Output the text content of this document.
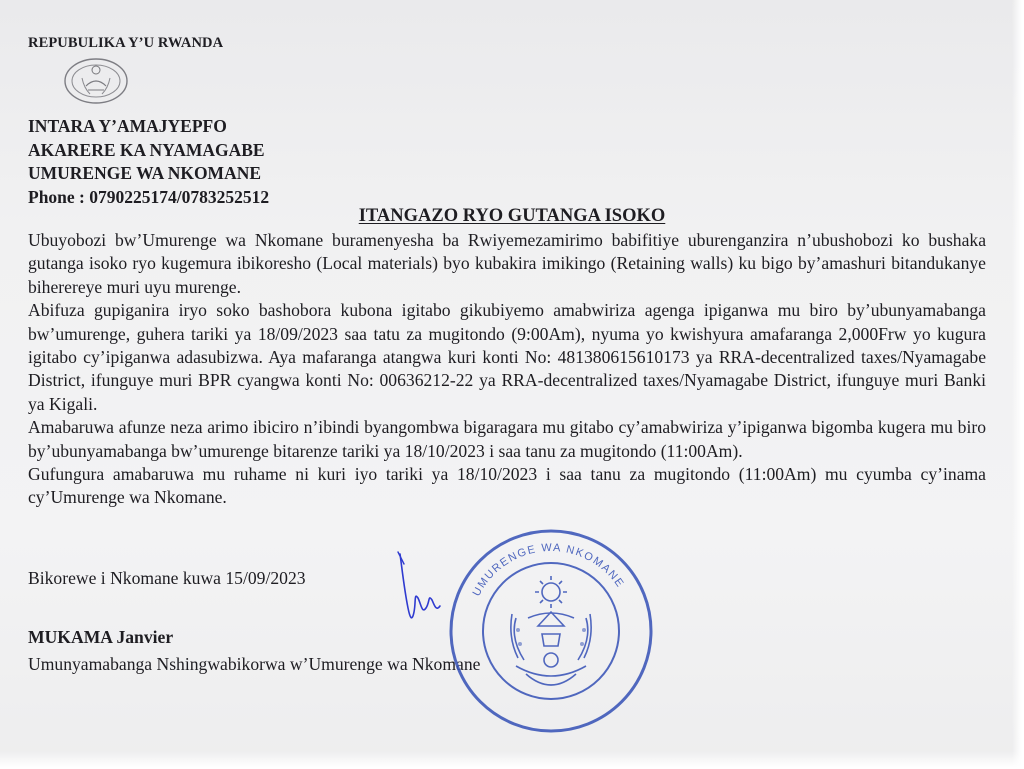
REPUBULIKA Y’U RWANDA
INTARA Y’AMAJYEPFO
AKARERE KA NYAMAGABE
UMURENGE WA NKOMANE
Phone : 0790225174/0783252512
ITANGAZO RYO GUTANGA ISOKO

Ubuyobozi bw’Umurenge wa Nkomane buramenyesha ba Rwiyemezamirimo babifitiye uburenganzira n’ubushobozi ko bushaka gutanga isoko ryo kugemura ibikoresho (Local materials) byo kubakira imikingo (Retaining walls) ku bigo by’amashuri bitandukanye biherereye muri uyu murenge.

Abifuza gupiganira iryo soko bashobora kubona igitabo gikubiyemo amabwiriza agenga ipiganwa mu biro by’ubunyamabanga bw’umurenge, guhera tariki ya 18/09/2023 saa tatu za mugitondo (9:00Am), nyuma yo kwishyura amafaranga 2,000Frw yo kugura igitabo cy’ipiganwa adasubizwa. Aya mafaranga atangwa kuri konti No: 481380615610173 ya RRA-decentralized taxes/Nyamagabe District, ifunguye muri BPR cyangwa konti No: 00636212-22 ya RRA-decentralized taxes/Nyamagabe District, ifunguye muri Banki ya Kigali.

Amabaruwa afunze neza arimo ibiciro n’ibindi byangombwa bigaragara mu gitabo cy’amabwiriza y’ipiganwa bigomba kugera mu biro by’ubunyamabanga bw’umurenge bitarenze tariki ya 18/10/2023 i saa tanu za mugitondo (11:00Am).

Gufungura amabaruwa mu ruhame ni kuri iyo tariki ya 18/10/2023 i saa tanu za mugitondo (11:00Am) mu cyumba cy’inama cy’Umurenge wa Nkomane.

Bikorewe i Nkomane kuwa 15/09/2023
MUKAMA Janvier
Umunyamabanga Nshingwabikorwa w’Umurenge wa Nkomane
UMURENGE WA NKOMANE
